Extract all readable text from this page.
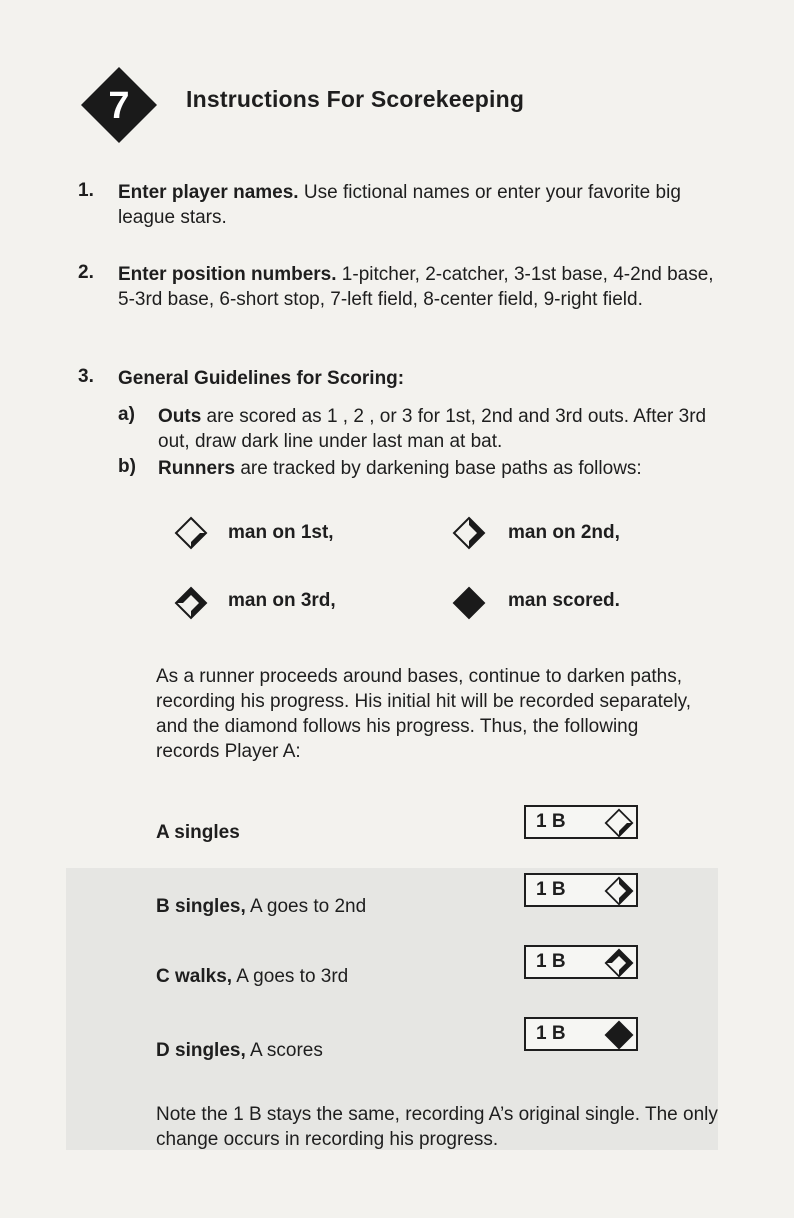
7 Instructions For Scorekeeping
1. Enter player names. Use fictional names or enter your favorite big league stars.
2. Enter position numbers. 1-pitcher, 2-catcher, 3-1st base, 4-2nd base, 5-3rd base, 6-short stop, 7-left field, 8-center field, 9-right field.
3. General Guidelines for Scoring:
a) Outs are scored as 1 , 2 , or 3 for 1st, 2nd and 3rd outs. After 3rd out, draw dark line under last man at bat.
b) Runners are tracked by darkening base paths as follows:
man on 1st,	man on 2nd,
man on 3rd,	man scored.
As a runner proceeds around bases, continue to darken paths, recording his progress. His initial hit will be recorded separately, and the diamond follows his progress. Thus, the following records Player A:
A singles
1 B
B singles, A goes to 2nd
1 B
C walks, A goes to 3rd
1 B
D singles, A scores
1 B
Note the 1 B stays the same, recording A’s original single. The only change occurs in recording his progress.
